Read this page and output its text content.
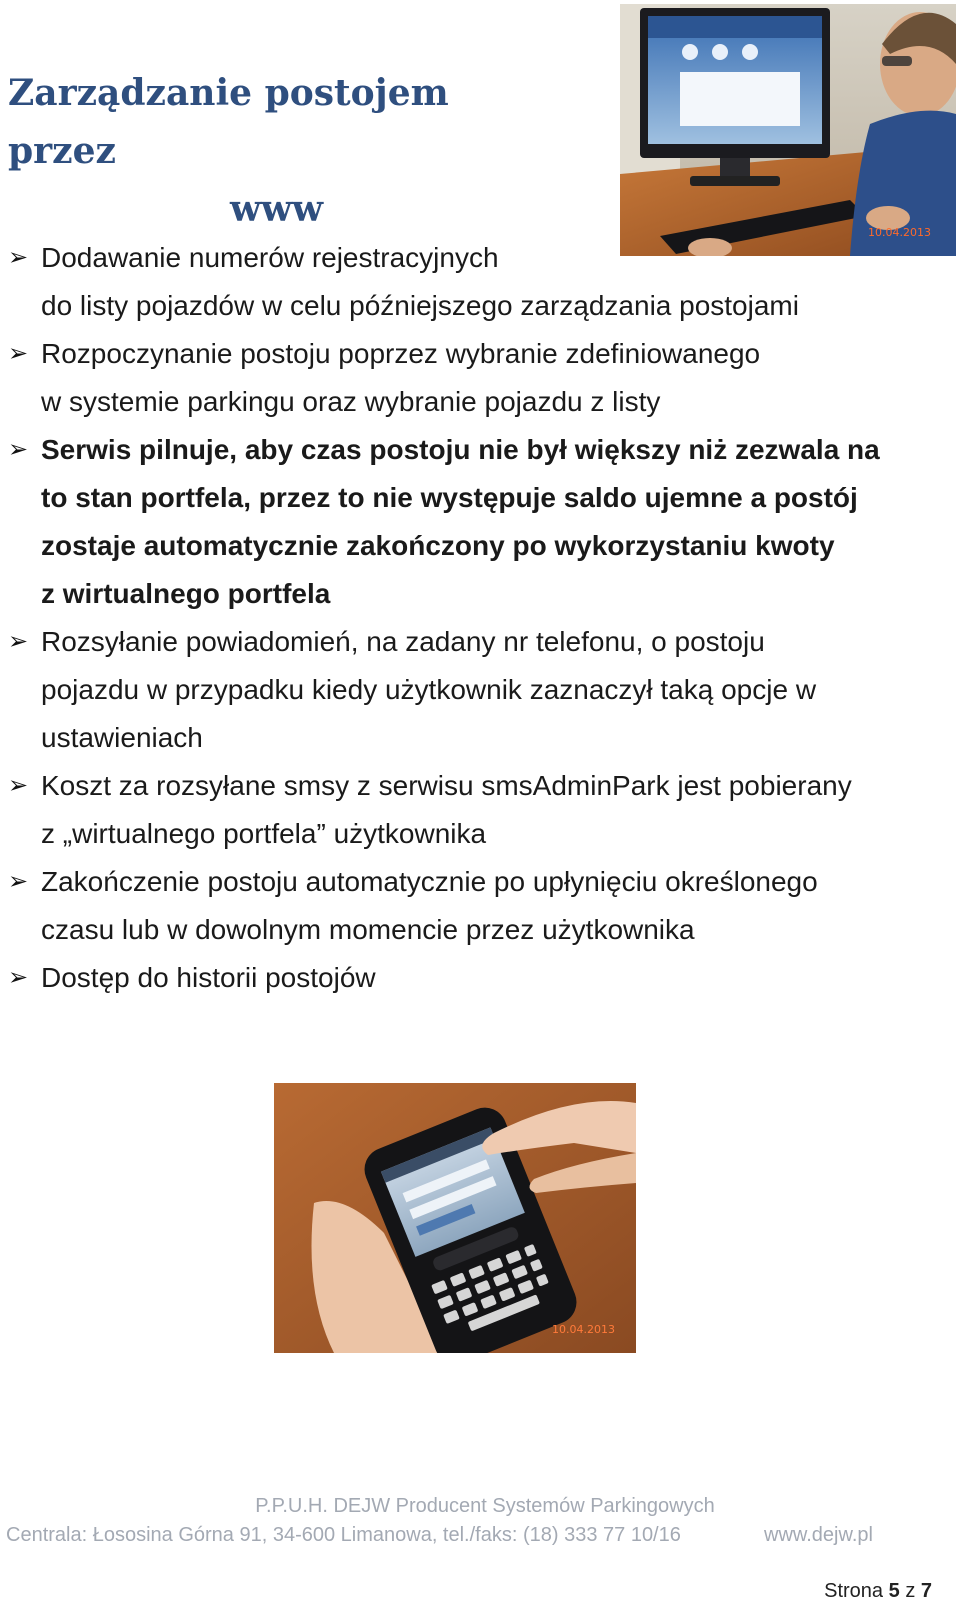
Zarządzanie postojem przez
www
10.04.2013
➢ Dodawanie numerów rejestracyjnych
do listy pojazdów w celu późniejszego zarządzania postojami
➢ Rozpoczynanie postoju poprzez wybranie zdefiniowanego
w systemie parkingu oraz wybranie pojazdu z listy
➢ Serwis pilnuje, aby czas postoju nie był większy niż zezwala na
to stan portfela, przez to nie występuje saldo ujemne a postój
zostaje automatycznie zakończony po wykorzystaniu kwoty
z wirtualnego portfela
➢ Rozsyłanie powiadomień, na zadany nr telefonu, o postoju
pojazdu w przypadku kiedy użytkownik zaznaczył taką opcje w
ustawieniach
➢ Koszt za rozsyłane smsy z serwisu smsAdminPark jest pobierany
z „wirtualnego portfela” użytkownika
➢ Zakończenie postoju automatycznie po upłynięciu określonego
czasu lub w dowolnym momencie przez użytkownika
➢ Dostęp do historii postojów
10.04.2013
P.P.U.H. DEJW Producent Systemów Parkingowych
Centrala: Łososina Górna 91, 34-600 Limanowa, tel./faks: (18) 333 77 10/16	www.dejw.pl
Strona 5 z 7
